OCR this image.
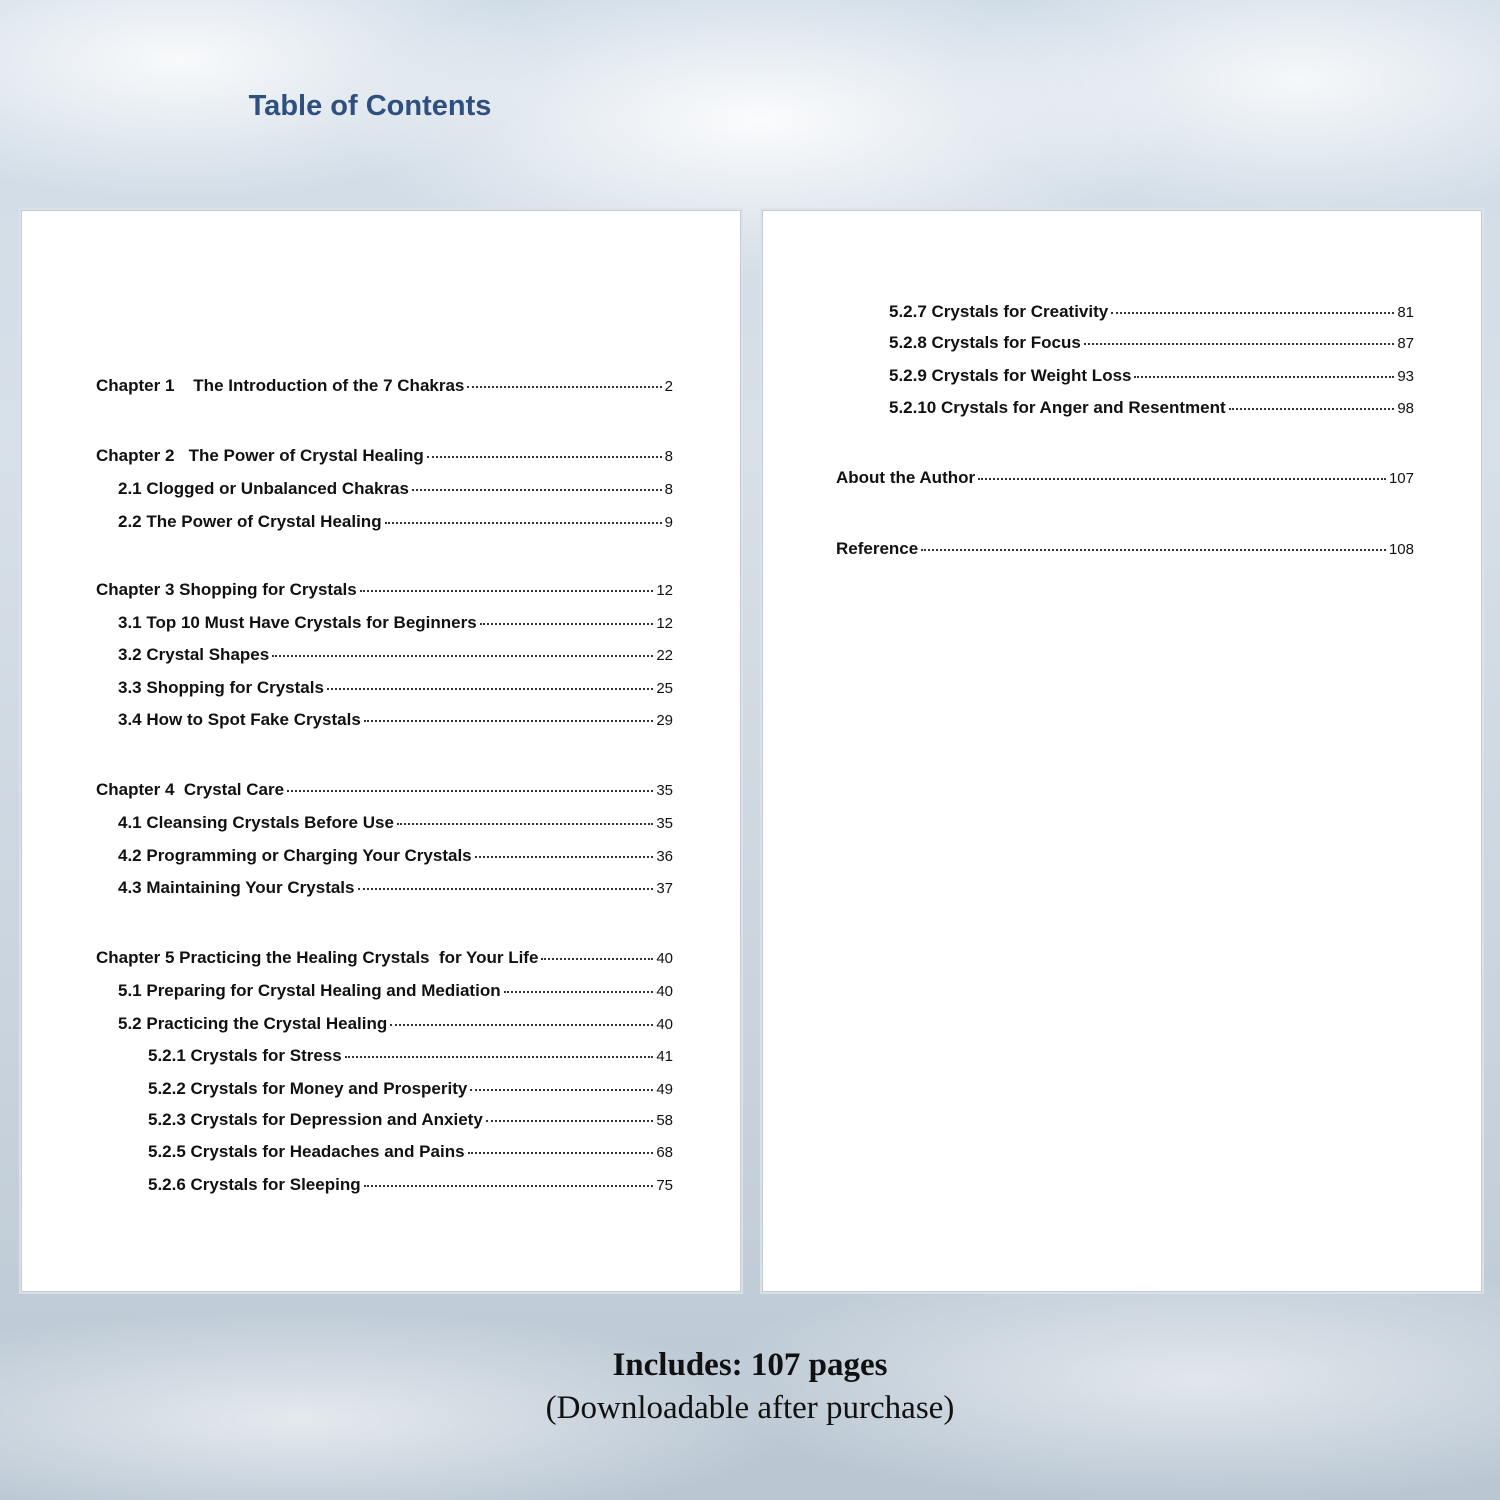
Table of Contents
Chapter 1    The Introduction of the 7 Chakras	2
Chapter 2   The Power of Crystal Healing	8
2.1 Clogged or Unbalanced Chakras	8
2.2 The Power of Crystal Healing	9
Chapter 3 Shopping for Crystals	12
3.1 Top 10 Must Have Crystals for Beginners	12
3.2 Crystal Shapes	22
3.3 Shopping for Crystals	25
3.4 How to Spot Fake Crystals	29
Chapter 4  Crystal Care	35
4.1 Cleansing Crystals Before Use	35
4.2 Programming or Charging Your Crystals	36
4.3 Maintaining Your Crystals	37
Chapter 5 Practicing the Healing Crystals  for Your Life	40
5.1 Preparing for Crystal Healing and Mediation	40
5.2 Practicing the Crystal Healing	40
5.2.1 Crystals for Stress	41
5.2.2 Crystals for Money and Prosperity	49
5.2.3 Crystals for Depression and Anxiety	58
5.2.5 Crystals for Headaches and Pains	68
5.2.6 Crystals for Sleeping	75
5.2.7 Crystals for Creativity	81
5.2.8 Crystals for Focus	87
5.2.9 Crystals for Weight Loss	93
5.2.10 Crystals for Anger and Resentment	98
About the Author	107
Reference	108
Includes: 107 pages
(Downloadable after purchase)
